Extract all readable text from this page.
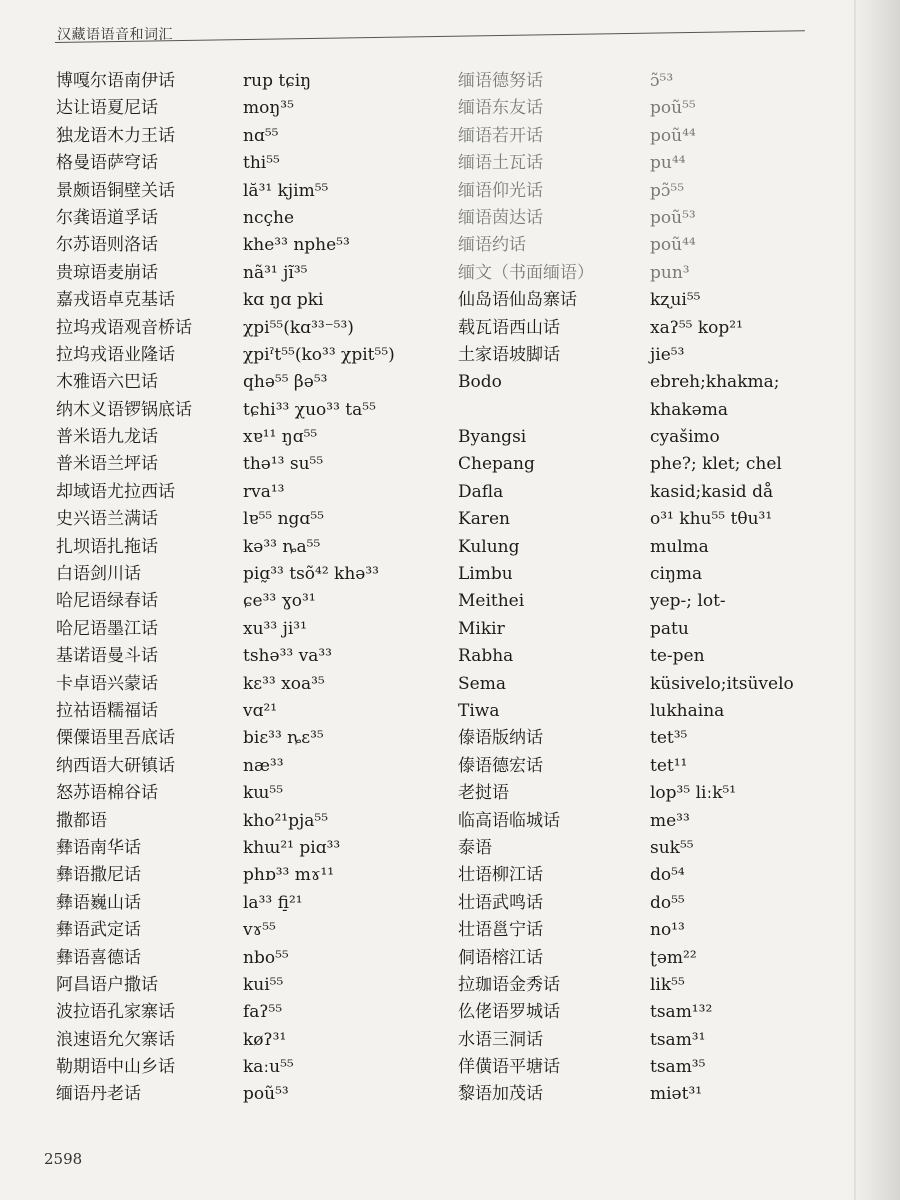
汉藏语语音和词汇
博嘎尔语南伊话
达让语夏尼话
独龙语木力王话
格曼语萨穹话
景颇语铜壁关话
尔龚语道孚话
尔苏语则洛话
贵琼语麦崩话
嘉戎语卓克基话
拉坞戎语观音桥话
拉坞戎语业隆话
木雅语六巴话
纳木义语锣锅底话
普米语九龙话
普米语兰坪话
却域语尤拉西话
史兴语兰满话
扎坝语扎拖话
白语剑川话
哈尼语绿春话
哈尼语墨江话
基诺语曼斗话
卡卓语兴蒙话
拉祜语糯福话
傈僳语里吾底话
纳西语大研镇话
怒苏语棉谷话
撒都语
彝语南华话
彝语撒尼话
彝语巍山话
彝语武定话
彝语喜德话
阿昌语户撒话
波拉语孔家寨话
浪速语允欠寨话
勒期语中山乡话
缅语丹老话
rup tɕiŋ
moŋ³⁵
nɑ⁵⁵
thi⁵⁵
lă³¹ kjim⁵⁵
ncçhe
khe³³ nphe⁵³
nã³¹ jĩ³⁵
kɑ ŋɑ pki
χpi⁵⁵(kɑ³³⁻⁵³)
χpiˀt⁵⁵(ko³³ χpit⁵⁵)
qhə⁵⁵ βə⁵³
tɕhi³³ χuo³³ ta⁵⁵
xɐ¹¹ ŋɑ⁵⁵
thə¹³ su⁵⁵
rva¹³
lɐ⁵⁵ ngɑ⁵⁵
kə³³ ȵa⁵⁵
piɑ̰³³ tsõ⁴² khə³³
ɕe³³ ɣo³¹
xu³³ ji³¹
tshə³³ va³³
kɛ³³ xoa³⁵
vɑ²¹
biɛ³³ ȵɛ³⁵
næ³³
kɯ⁵⁵
kho²¹pja⁵⁵
khɯ²¹ piɑ³³
phɒ³³ mɤ¹¹
la³³ fi̠²¹
vɤ⁵⁵
nbo⁵⁵
kui⁵⁵
faʔ⁵⁵
køʔ³¹
kaːu⁵⁵
poũ⁵³
缅语德努话
缅语东友话
缅语若开话
缅语土瓦话
缅语仰光话
缅语茵达话
缅语约话
缅文（书面缅语）
仙岛语仙岛寨话
载瓦语西山话
土家语坡脚话
Bodo
Byangsi
Chepang
Dafla
Karen
Kulung
Limbu
Meithei
Mikir
Rabha
Sema
Tiwa
傣语版纳话
傣语德宏话
老挝语
临高语临城话
泰语
壮语柳江话
壮语武鸣话
壮语邕宁话
侗语榕江话
拉珈语金秀话
仫佬语罗城话
水语三洞话
佯僙语平塘话
黎语加茂话
ɔ̃⁵³
poũ⁵⁵
poũ⁴⁴
pu⁴⁴
pɔ̃⁵⁵
poũ⁵³
poũ⁴⁴
pun³
kʐui⁵⁵
xaʔ⁵⁵ kop²¹
jie⁵³
ebreh;khakma;
khakəma
cyašimo
phe?; klet; chel
kasid;kasid då
o³¹ khu⁵⁵ tθu³¹
mulma
ciŋma
yep-; lot-
patu
te-pen
küsivelo;itsüvelo
lukhaina
tet³⁵
tet¹¹
lop³⁵ liːk⁵¹
me³³
suk⁵⁵
do⁵⁴
do⁵⁵
no¹³
ʈəm²²
lik⁵⁵
tsam¹³²
tsam³¹
tsam³⁵
miət³¹
2598
